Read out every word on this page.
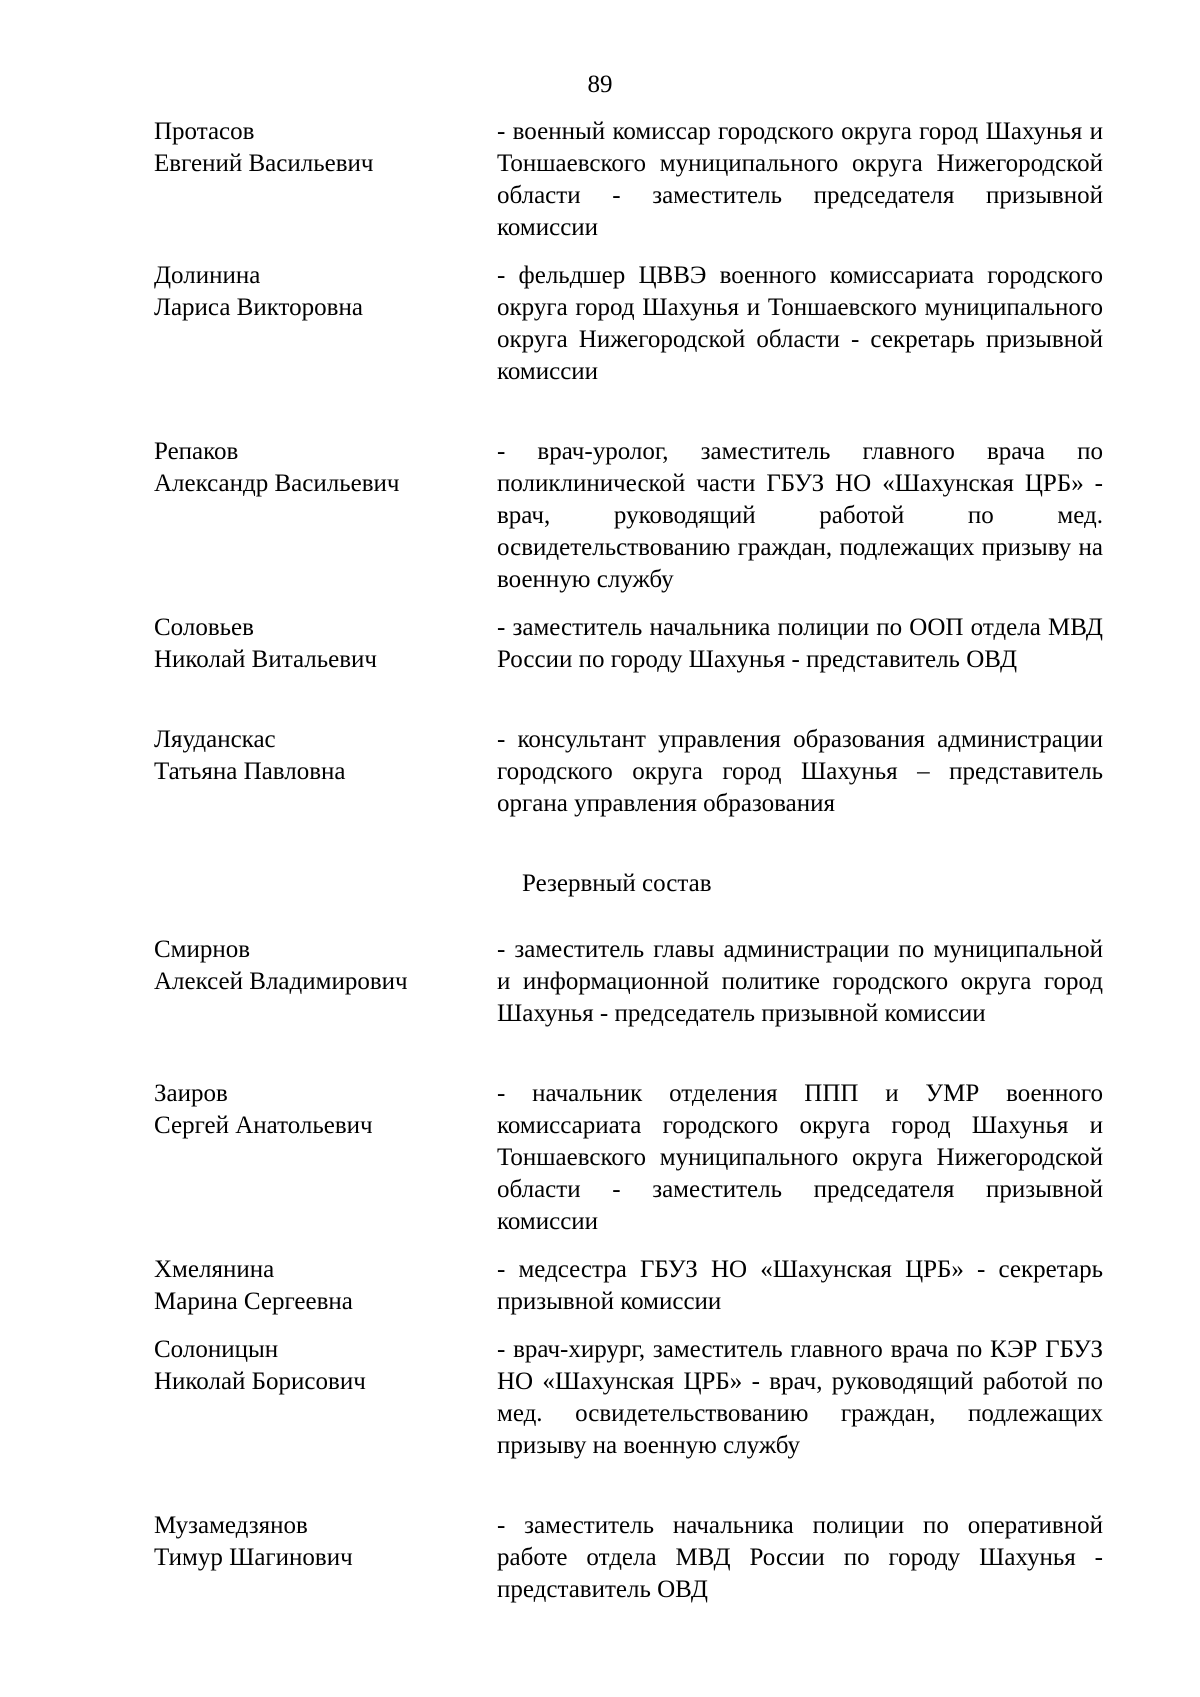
89
Протасов
Евгений Васильевич
- военный комиссар городского округа город Шахунья и Тоншаевского муниципального округа Нижегородской области - заместитель председателя призывной комиссии
Долинина
Лариса Викторовна
- фельдшер ЦВВЭ военного комиссариата городского округа город Шахунья и Тоншаевского муниципального округа Нижегородской области - секретарь призывной комиссии
Репаков
Александр Васильевич
- врач-уролог, заместитель главного врача по поликлинической части ГБУЗ НО «Шахунская ЦРБ» - врач, руководящий работой по мед. освидетельствованию граждан, подлежащих призыву на военную службу
Соловьев
Николай Витальевич
- заместитель начальника полиции по ООП отдела МВД России по городу Шахунья - представитель ОВД
Ляуданскас
Татьяна Павловна
- консультант управления образования администрации городского округа город Шахунья – представитель органа управления образования
Резервный состав
Смирнов
Алексей Владимирович
- заместитель главы администрации по муниципальной и информационной политике городского округа город Шахунья - председатель призывной комиссии
Заиров
Сергей Анатольевич
- начальник отделения ППП и УМР военного комиссариата городского округа город Шахунья и Тоншаевского муниципального округа Нижегородской области - заместитель председателя призывной комиссии
Хмелянина
Марина Сергеевна
- медсестра ГБУЗ НО «Шахунская ЦРБ» - секретарь призывной комиссии
Солоницын
Николай Борисович
- врач-хирург, заместитель главного врача по КЭР ГБУЗ НО «Шахунская ЦРБ» - врач, руководящий работой по мед. освидетельствованию граждан, подлежащих призыву на военную службу
Музамедзянов
Тимур Шагинович
- заместитель начальника полиции по оперативной работе отдела МВД России по городу Шахунья - представитель ОВД
